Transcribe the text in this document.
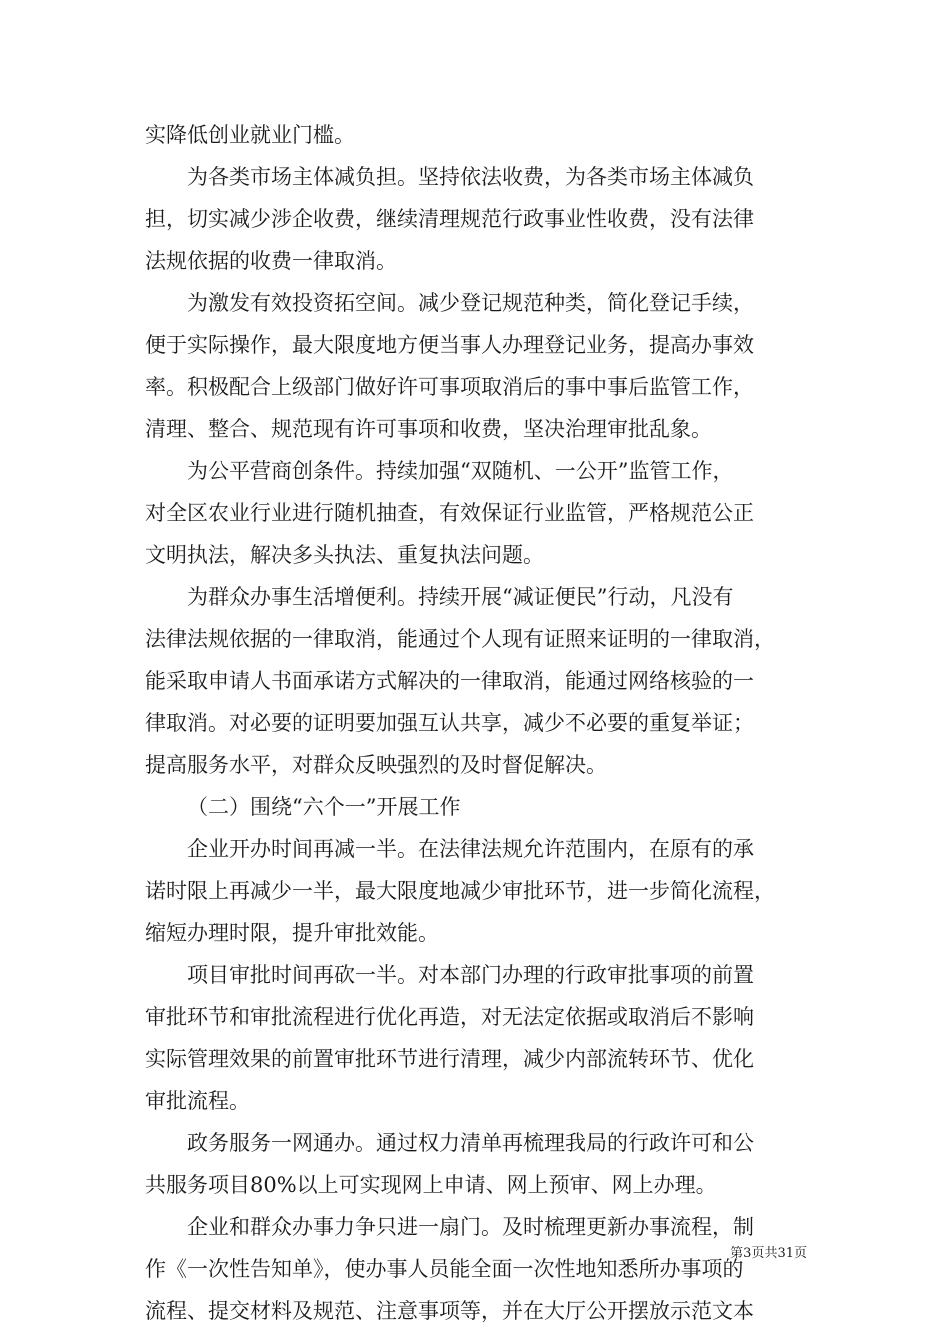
实降低创业就业门槛。

为各类市场主体减负担。坚持依法收费，为各类市场主体减负

担，切实减少涉企收费，继续清理规范行政事业性收费，没有法律

法规依据的收费一律取消。

为激发有效投资拓空间。减少登记规范种类，简化登记手续，

便于实际操作，最大限度地方便当事人办理登记业务，提高办事效

率。积极配合上级部门做好许可事项取消后的事中事后监管工作，

清理、整合、规范现有许可事项和收费，坚决治理审批乱象。

为公平营商创条件。持续加强“双随机、一公开”监管工作，

对全区农业行业进行随机抽查，有效保证行业监管，严格规范公正

文明执法，解决多头执法、重复执法问题。

为群众办事生活增便利。持续开展“减证便民”行动，凡没有

法律法规依据的一律取消，能通过个人现有证照来证明的一律取消，

能采取申请人书面承诺方式解决的一律取消，能通过网络核验的一

律取消。对必要的证明要加强互认共享，减少不必要的重复举证；

提高服务水平，对群众反映强烈的及时督促解决。

（二）围绕“六个一”开展工作

企业开办时间再减一半。在法律法规允许范围内，在原有的承

诺时限上再减少一半，最大限度地减少审批环节，进一步简化流程，

缩短办理时限，提升审批效能。

项目审批时间再砍一半。对本部门办理的行政审批事项的前置

审批环节和审批流程进行优化再造，对无法定依据或取消后不影响

实际管理效果的前置审批环节进行清理，减少内部流转环节、优化

审批流程。

政务服务一网通办。通过权力清单再梳理我局的行政许可和公

共服务项目80%以上可实现网上申请、网上预审、网上办理。

企业和群众办事力争只进一扇门。及时梳理更新办事流程，制

作《一次性告知单》，使办事人员能全面一次性地知悉所办事项的

流程、提交材料及规范、注意事项等，并在大厅公开摆放示范文本

第3页共31页
